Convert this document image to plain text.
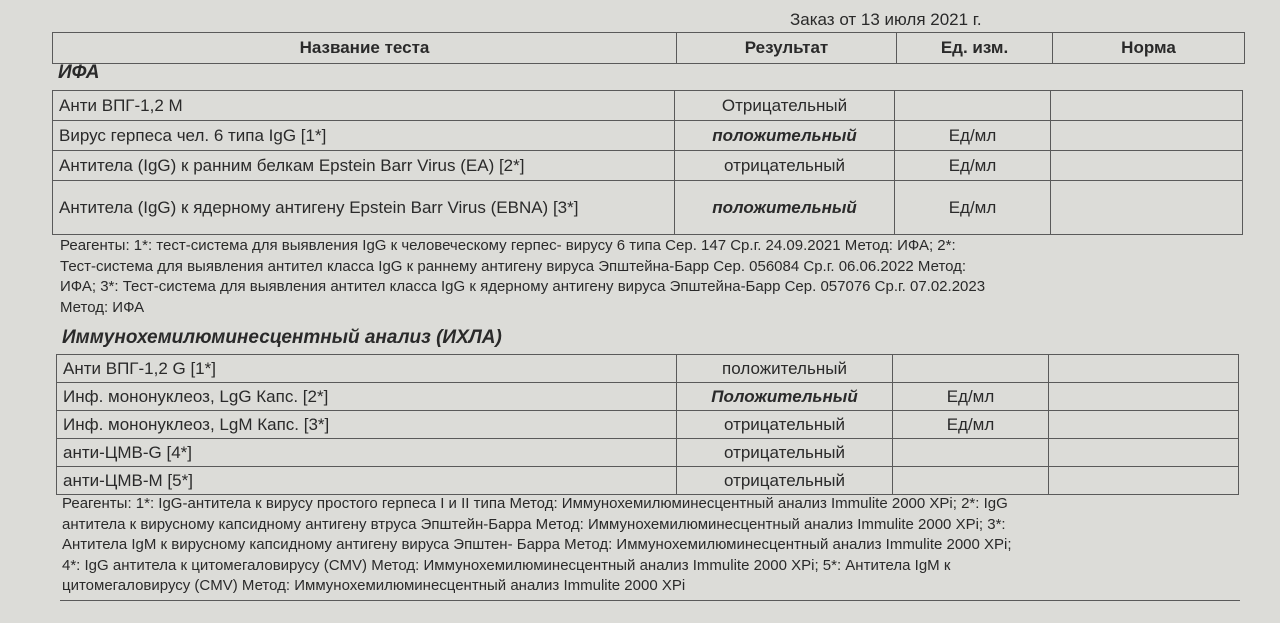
Заказ от 13 июля 2021 г.
Название теста	Результат	Ед. изм.	Норма
ИФА
Анти ВПГ-1,2 M	Отрицательный		
Вирус герпеса чел. 6 типа IgG [1*]	положительный	Ед/мл	
Антитела (IgG) к ранним белкам Epstein Barr Virus (EA) [2*]	отрицательный	Ед/мл	
Антитела (IgG) к ядерному антигену Epstein Barr Virus (EBNA) [3*]	положительный	Ед/мл	
Реагенты: 1*: тест-система для выявления IgG к человеческому герпес- вирусу 6 типа Сер. 147 Ср.г. 24.09.2021 Метод: ИФА; 2*:
Тест-система для выявления антител класса IgG к раннему антигену вируса Эпштейна-Барр Сер. 056084 Ср.г. 06.06.2022 Метод:
ИФА; 3*: Тест-система для выявления антител класса IgG к ядерному антигену вируса Эпштейна-Барр Сер. 057076 Ср.г. 07.02.2023
Метод: ИФА
Иммунохемилюминесцентный анализ (ИХЛА)
Анти ВПГ-1,2 G [1*]	положительный		
Инф. мононуклеоз, LgG Капс. [2*]	Положительный	Ед/мл	
Инф. мононуклеоз, LgM Капс. [3*]	отрицательный	Ед/мл	
анти-ЦМВ-G [4*]	отрицательный		
анти-ЦМВ-M [5*]	отрицательный		
Реагенты: 1*: IgG-антитела к вирусу простого герпеса I и II типа Метод: Иммунохемилюминесцентный анализ Immulite 2000 XPi; 2*: IgG
антитела к вирусному капсидному антигену втруса Эпштейн-Барра Метод: Иммунохемилюминесцентный анализ Immulite 2000 XPi; 3*:
Антитела IgM к вирусному капсидному антигену вируса Эпштен- Барра Метод: Иммунохемилюминесцентный анализ Immulite 2000 XPi;
4*: IgG антитела к цитомегаловирусу (CMV) Метод: Иммунохемилюминесцентный анализ Immulite 2000 XPi; 5*: Антитела IgM к
цитомегаловирусу (CMV) Метод: Иммунохемилюминесцентный анализ Immulite 2000 XPi
